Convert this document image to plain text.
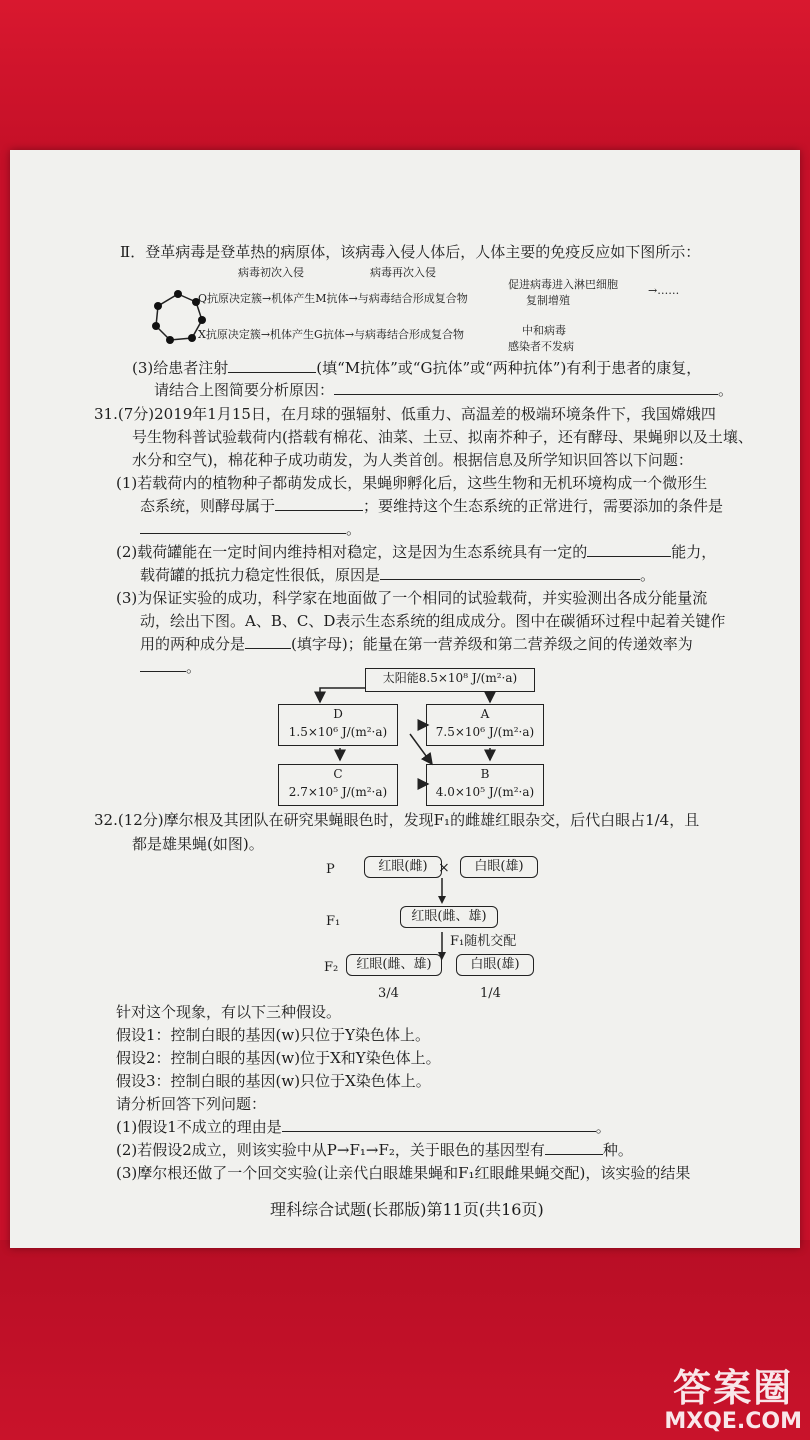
Ⅱ．登革病毒是登革热的病原体，该病毒入侵人体后，人体主要的免疫反应如下图所示：
病毒初次入侵	病毒再次入侵
Q抗原决定簇→机体产生M抗体→与病毒结合形成复合物
X抗原决定簇→机体产生G抗体→与病毒结合形成复合物
促进病毒进入淋巴细胞
复制增殖
→……
中和病毒
感染者不发病
(3)给患者注射	(填“M抗体”或“G抗体”或“两种抗体”)有利于患者的康复，
请结合上图简要分析原因：	。
31.(7分)2019年1月15日，在月球的强辐射、低重力、高温差的极端环境条件下，我国嫦娥四
号生物科普试验载荷内(搭载有棉花、油菜、土豆、拟南芥种子，还有酵母、果蝇卵以及土壤、
水分和空气)，棉花种子成功萌发，为人类首创。根据信息及所学知识回答以下问题：
(1)若载荷内的植物种子都萌发成长，果蝇卵孵化后，这些生物和无机环境构成一个微形生
态系统，则酵母属于	；要维持这个生态系统的正常进行，需要添加的条件是
。
(2)载荷罐能在一定时间内维持相对稳定，这是因为生态系统具有一定的	能力，
载荷罐的抵抗力稳定性很低，原因是	。
(3)为保证实验的成功，科学家在地面做了一个相同的试验载荷，并实验测出各成分能量流
动，绘出下图。A、B、C、D表示生态系统的组成成分。图中在碳循环过程中起着关键作
用的两种成分是	(填字母)；能量在第一营养级和第二营养级之间的传递效率为
。
太阳能8.5×10⁸ J/(m²·a)
D
1.5×10⁶ J/(m²·a)
A
7.5×10⁶ J/(m²·a)
C
2.7×10⁵ J/(m²·a)
B
4.0×10⁵ J/(m²·a)
32.(12分)摩尔根及其团队在研究果蝇眼色时，发现F₁的雌雄红眼杂交，后代白眼占1/4，且
都是雄果蝇(如图)。
P	红眼(雌) ×	白眼(雄)
F₁	红眼(雌、雄)
F₁随机交配
F₂	红眼(雌、雄)	白眼(雄)
3/4	1/4
针对这个现象，有以下三种假设。
假设1：控制白眼的基因(w)只位于Y染色体上。
假设2：控制白眼的基因(w)位于X和Y染色体上。
假设3：控制白眼的基因(w)只位于X染色体上。
请分析回答下列问题：
(1)假设1不成立的理由是	。
(2)若假设2成立，则该实验中从P→F₁→F₂，关于眼色的基因型有	种。
(3)摩尔根还做了一个回交实验(让亲代白眼雄果蝇和F₁红眼雌果蝇交配)，该实验的结果
理科综合试题(长郡版)第11页(共16页)
答案圈
MXQE.COM
